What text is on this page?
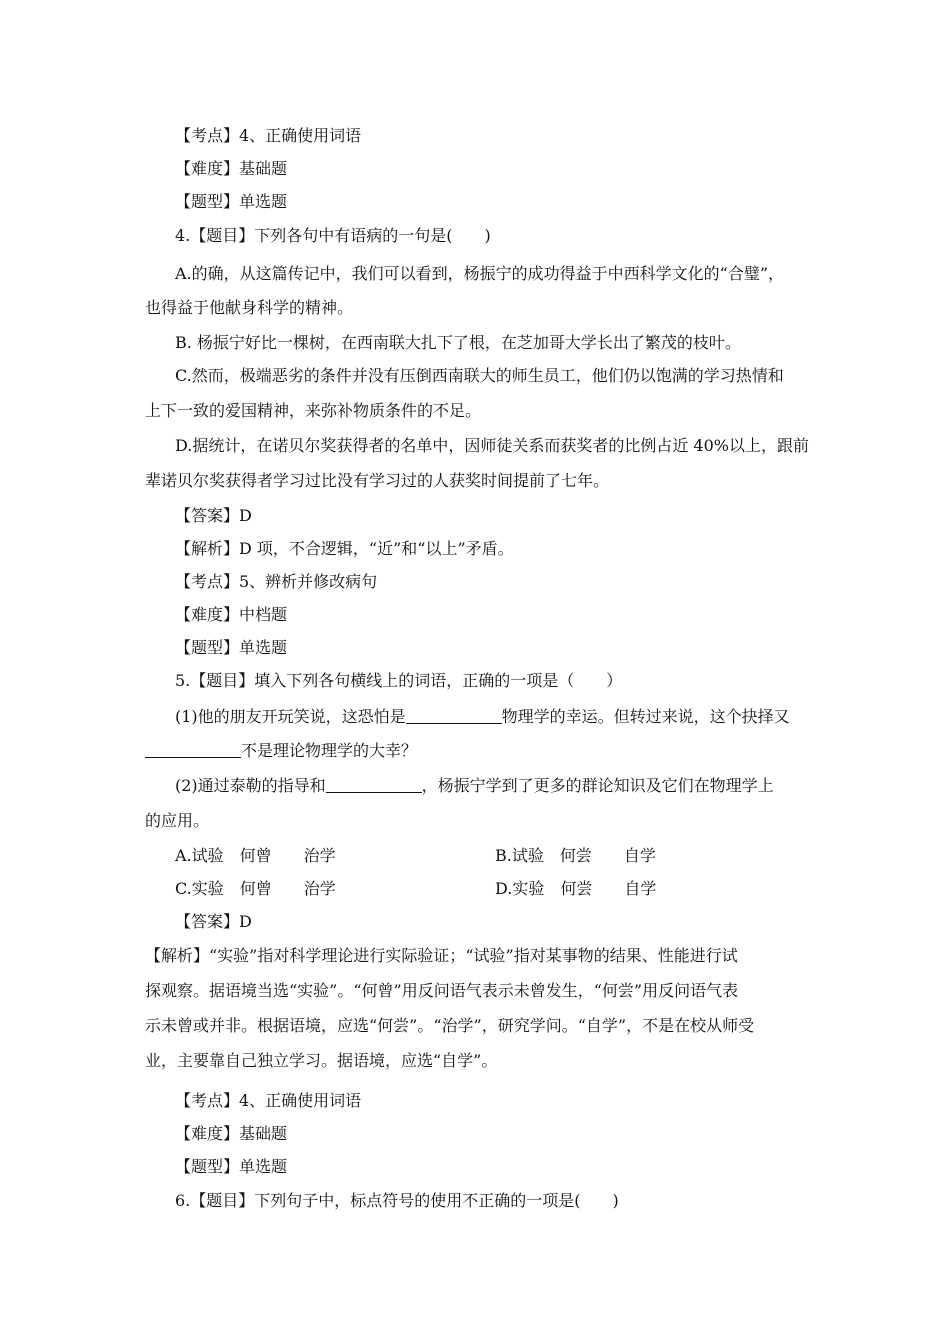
【考点】4、正确使用词语
【难度】基础题
【题型】单选题
4.【题目】下列各句中有语病的一句是(　　)
A.的确，从这篇传记中，我们可以看到，杨振宁的成功得益于中西科学文化的“合璧”，
也得益于他献身科学的精神。
B. 杨振宁好比一棵树，在西南联大扎下了根，在芝加哥大学长出了繁茂的枝叶。
C.然而，极端恶劣的条件并没有压倒西南联大的师生员工，他们仍以饱满的学习热情和
上下一致的爱国精神，来弥补物质条件的不足。
D.据统计，在诺贝尔奖获得者的名单中，因师徒关系而获奖者的比例占近 40%以上，跟前
辈诺贝尔奖获得者学习过比没有学习过的人获奖时间提前了七年。
【答案】D
【解析】D 项，不合逻辑，“近”和“以上”矛盾。
【考点】5、辨析并修改病句
【难度】中档题
【题型】单选题
5.【题目】填入下列各句横线上的词语，正确的一项是（　　）
(1)他的朋友开玩笑说，这恐怕是	物理学的幸运。但转过来说，这个抉择又
不是理论物理学的大幸？
(2)通过泰勒的指导和	，杨振宁学到了更多的群论知识及它们在物理学上
的应用。
A.试验　何曾　　治学	B.试验　何尝　　自学
C.实验　何曾　　治学	D.实验　何尝　　自学
【答案】D
【解析】“实验”指对科学理论进行实际验证；“试验”指对某事物的结果、性能进行试
探观察。据语境当选“实验”。“何曾”用反问语气表示未曾发生，“何尝”用反问语气表
示未曾或并非。根据语境，应选“何尝”。“治学”，研究学问。“自学”，不是在校从师受
业，主要靠自己独立学习。据语境，应选“自学”。
【考点】4、正确使用词语
【难度】基础题
【题型】单选题
6.【题目】下列句子中，标点符号的使用不正确的一项是(　　)
